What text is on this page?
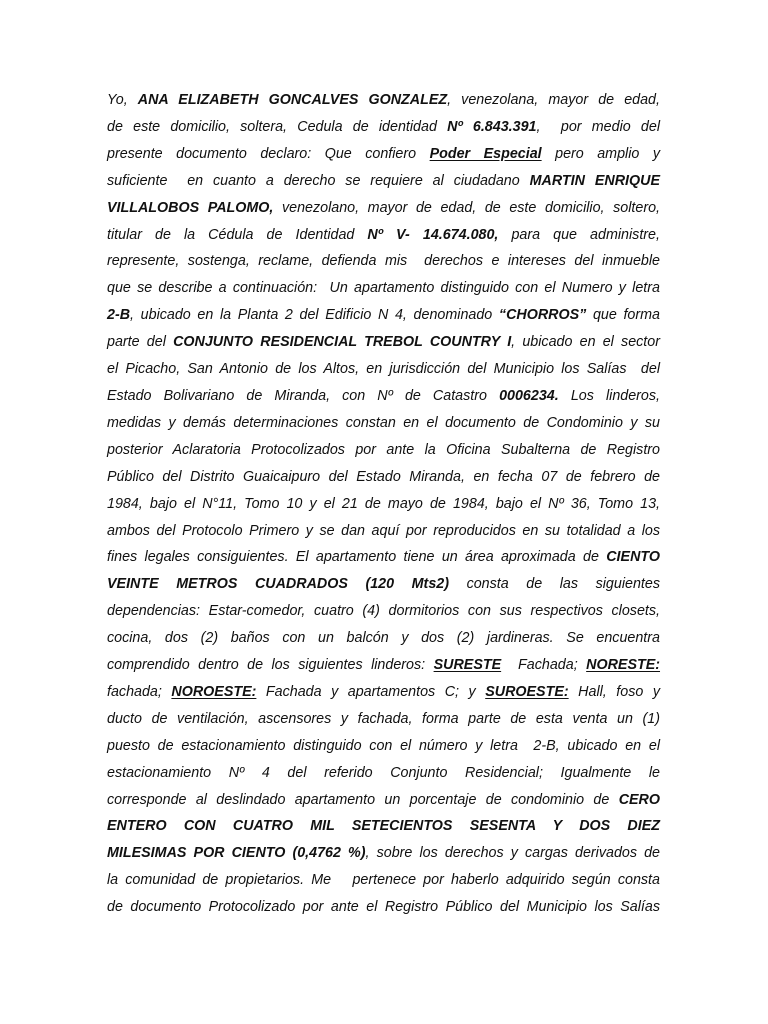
Yo, ANA ELIZABETH GONCALVES GONZALEZ, venezolana, mayor de edad,
de este domicilio, soltera, Cedula de identidad Nº 6.843.391,  por medio del
presente documento declaro: Que confiero Poder Especial pero amplio y
suficiente  en cuanto a derecho se requiere al ciudadano MARTIN ENRIQUE
VILLALOBOS PALOMO, venezolano, mayor de edad, de este domicilio, soltero,
titular de la Cédula de Identidad Nº V- 14.674.080, para que administre,
represente, sostenga, reclame, defienda mis  derechos e intereses del inmueble
que se describe a continuación:  Un apartamento distinguido con el Numero y letra
2-B, ubicado en la Planta 2 del Edificio N 4, denominado “CHORROS” que forma
parte del CONJUNTO RESIDENCIAL TREBOL COUNTRY I, ubicado en el sector
el Picacho, San Antonio de los Altos, en jurisdicción del Municipio los Salías  del
Estado Bolivariano de Miranda, con Nº de Catastro 0006234. Los linderos,
medidas y demás determinaciones constan en el documento de Condominio y su
posterior Aclaratoria Protocolizados por ante la Oficina Subalterna de Registro
Público del Distrito Guaicaipuro del Estado Miranda, en fecha 07 de febrero de
1984, bajo el N°11, Tomo 10 y el 21 de mayo de 1984, bajo el Nº 36, Tomo 13,
ambos del Protocolo Primero y se dan aquí por reproducidos en su totalidad a los
fines legales consiguientes. El apartamento tiene un área aproximada de CIENTO
VEINTE METROS CUADRADOS (120 Mts2) consta de las siguientes
dependencias: Estar-comedor, cuatro (4) dormitorios con sus respectivos closets,
cocina, dos (2) baños con un balcón y dos (2) jardineras. Se encuentra
comprendido dentro de los siguientes linderos: SURESTE  Fachada; NORESTE:
fachada; NOROESTE: Fachada y apartamentos C; y SUROESTE: Hall, foso y
ducto de ventilación, ascensores y fachada, forma parte de esta venta un (1)
puesto de estacionamiento distinguido con el número y letra  2-B, ubicado en el
estacionamiento Nº 4 del referido Conjunto Residencial; Igualmente le
corresponde al deslindado apartamento un porcentaje de condominio de CERO
ENTERO CON CUATRO MIL SETECIENTOS SESENTA Y DOS DIEZ
MILESIMAS POR CIENTO (0,4762 %), sobre los derechos y cargas derivados de
la comunidad de propietarios. Me   pertenece por haberlo adquirido según consta
de documento Protocolizado por ante el Registro Público del Municipio los Salías
